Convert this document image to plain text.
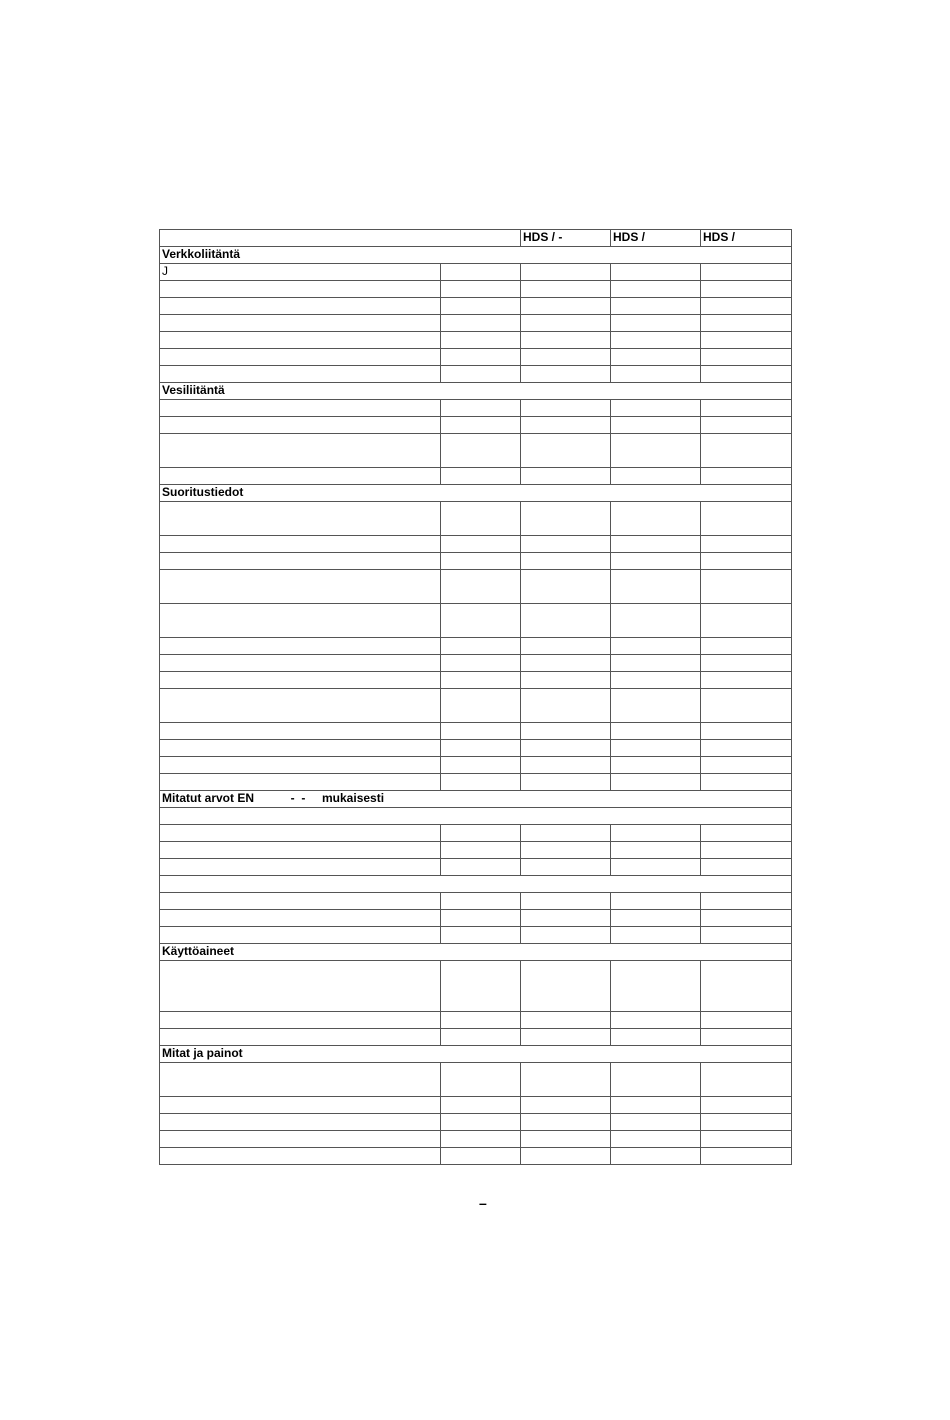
		HDS / -	HDS /	HDS /
Verkkoliitäntä				
J				

Vesiliitäntä				

Suoritustiedot				

Mitatut arvot EN           -  -     mukaisesti				

Käyttöaineet				

Mitat ja painot				

–
